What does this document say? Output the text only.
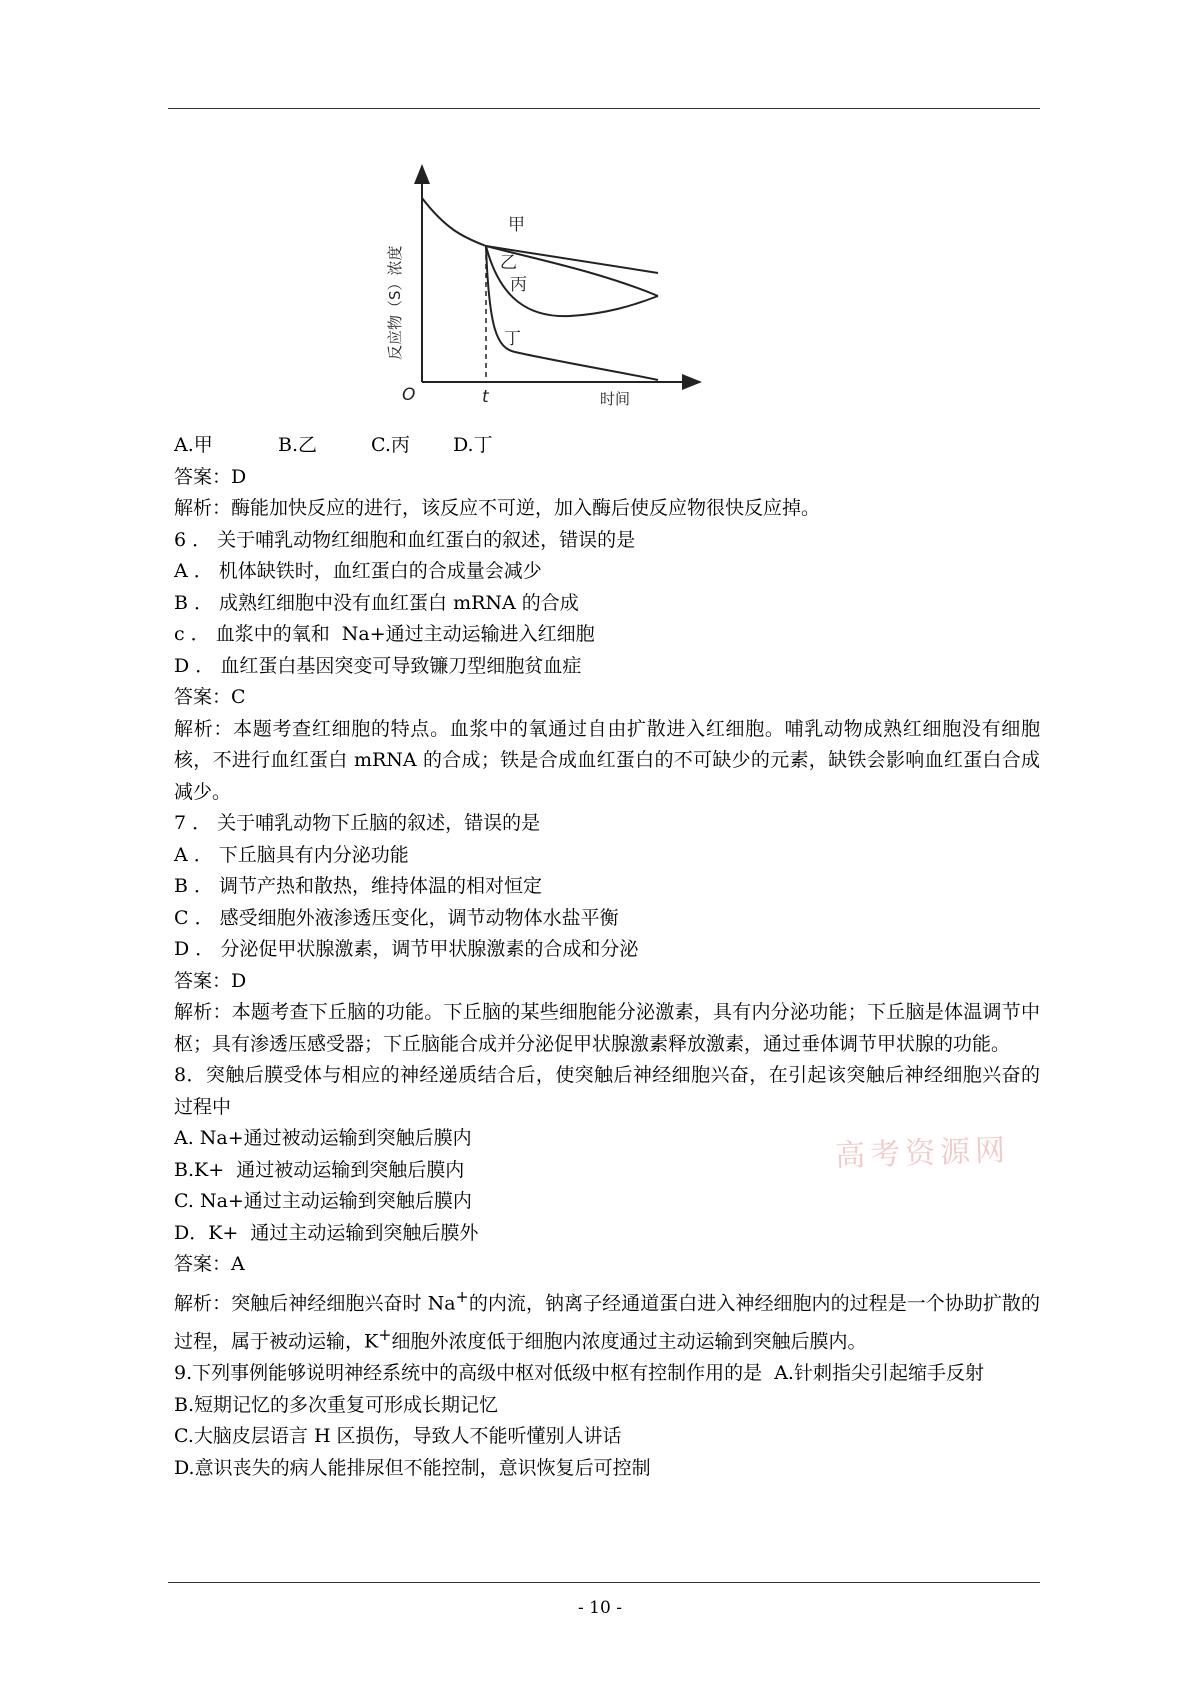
甲
乙
丙
丁
O	t	时间
反应物（S）浓度

A.甲	B.乙	C.丙 D.丁

答案：D

解析：酶能加快反应的进行，该反应不可逆，加入酶后使反应物很快反应掉。

6 ． 关于哺乳动物红细胞和血红蛋白的叙述，错误的是

A ． 机体缺铁时，血红蛋白的合成量会减少

B ． 成熟红细胞中没有血红蛋白 mRNA 的合成

c ． 血浆中的氧和  Na+通过主动运输进入红细胞

D ． 血红蛋白基因突变可导致镰刀型细胞贫血症

答案：C

解析：本题考查红细胞的特点。血浆中的氧通过自由扩散进入红细胞。哺乳动物成熟红细胞没有细胞核，不进行血红蛋白 mRNA 的合成；铁是合成血红蛋白的不可缺少的元素，缺铁会影响血红蛋白合成减少。

7 ． 关于哺乳动物下丘脑的叙述，错误的是

A ． 下丘脑具有内分泌功能

B ． 调节产热和散热，维持体温的相对恒定

C ． 感受细胞外液渗透压变化，调节动物体水盐平衡

D ． 分泌促甲状腺激素，调节甲状腺激素的合成和分泌

答案：D

解析：本题考查下丘脑的功能。下丘脑的某些细胞能分泌激素，具有内分泌功能；下丘脑是体温调节中枢；具有渗透压感受器；下丘脑能合成并分泌促甲状腺激素释放激素，通过垂体调节甲状腺的功能。

8．突触后膜受体与相应的神经递质结合后，使突触后神经细胞兴奋，在引起该突触后神经细胞兴奋的过程中

A. Na+通过被动运输到突触后膜内

B.K+  通过被动运输到突触后膜内

C. Na+通过主动运输到突触后膜内

D．K+  通过主动运输到突触后膜外

答案：A

解析：突触后神经细胞兴奋时 Na+的内流，钠离子经通道蛋白进入神经细胞内的过程是一个协助扩散的过程，属于被动运输，K+细胞外浓度低于细胞内浓度通过主动运输到突触后膜内。

9.下列事例能够说明神经系统中的高级中枢对低级中枢有控制作用的是  A.针刺指尖引起缩手反射

B.短期记忆的多次重复可形成长期记忆

C.大脑皮层语言 H 区损伤，导致人不能听懂别人讲话

D.意识丧失的病人能排尿但不能控制，意识恢复后可控制

高考资源网
- 10 -
